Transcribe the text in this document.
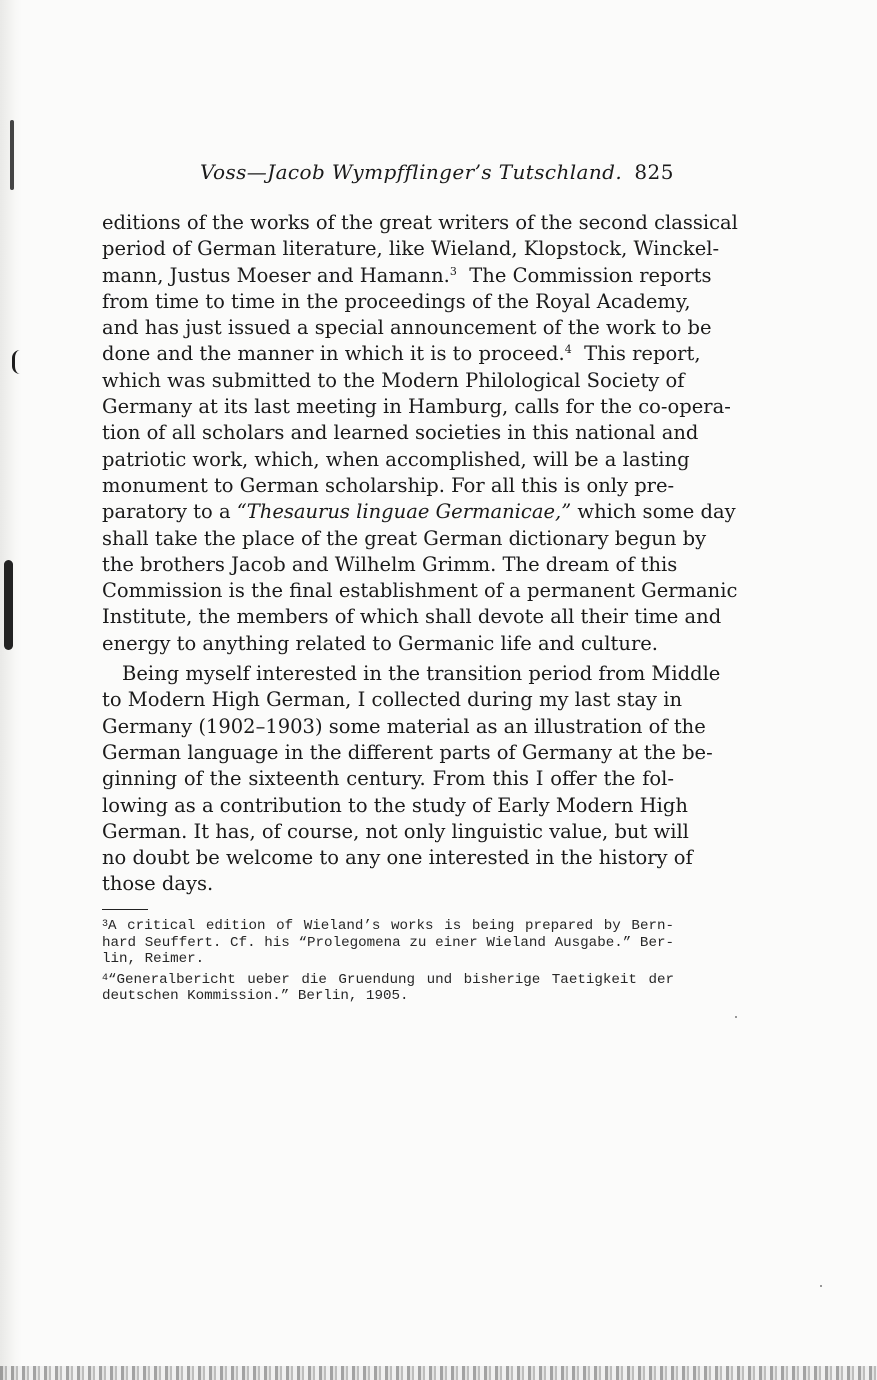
Voss—Jacob Wympfflinger’s Tutschland. 825
editions of the works of the great writers of the second classical
period of German literature, like Wieland, Klopstock, Winckel-
mann, Justus Moeser and Hamann.$^3$ The Commission reports
from time to time in the proceedings of the Royal Academy,
and has just issued a special announcement of the work to be
done and the manner in which it is to proceed.$^4$ This report,
which was submitted to the Modern Philological Society of
Germany at its last meeting in Hamburg, calls for the co-opera-
tion of all scholars and learned societies in this national and
patriotic work, which, when accomplished, will be a lasting
monument to German scholarship. For all this is only pre-
paratory to a “Thesaurus linguae Germanicae,” which some day
shall take the place of the great German dictionary begun by
the brothers Jacob and Wilhelm Grimm. The dream of this
Commission is the final establishment of a permanent Germanic
Institute, the members of which shall devote all their time and
energy to anything related to Germanic life and culture.
Being myself interested in the transition period from Middle
to Modern High German, I collected during my last stay in
Germany (1902–1903) some material as an illustration of the
German language in the different parts of Germany at the be-
ginning of the sixteenth century. From this I offer the fol-
lowing as a contribution to the study of Early Modern High
German. It has, of course, not only linguistic value, but will
no doubt be welcome to any one interested in the history of
those days.
$^3$A critical edition of Wieland’s works is being prepared by Bern-
hard Seuffert. Cf. his “Prolegomena zu einer Wieland Ausgabe.” Ber-
lin, Reimer.
$^4$“Generalbericht ueber die Gruendung und bisherige Taetigkeit der
deutschen Kommission.” Berlin, 1905.
